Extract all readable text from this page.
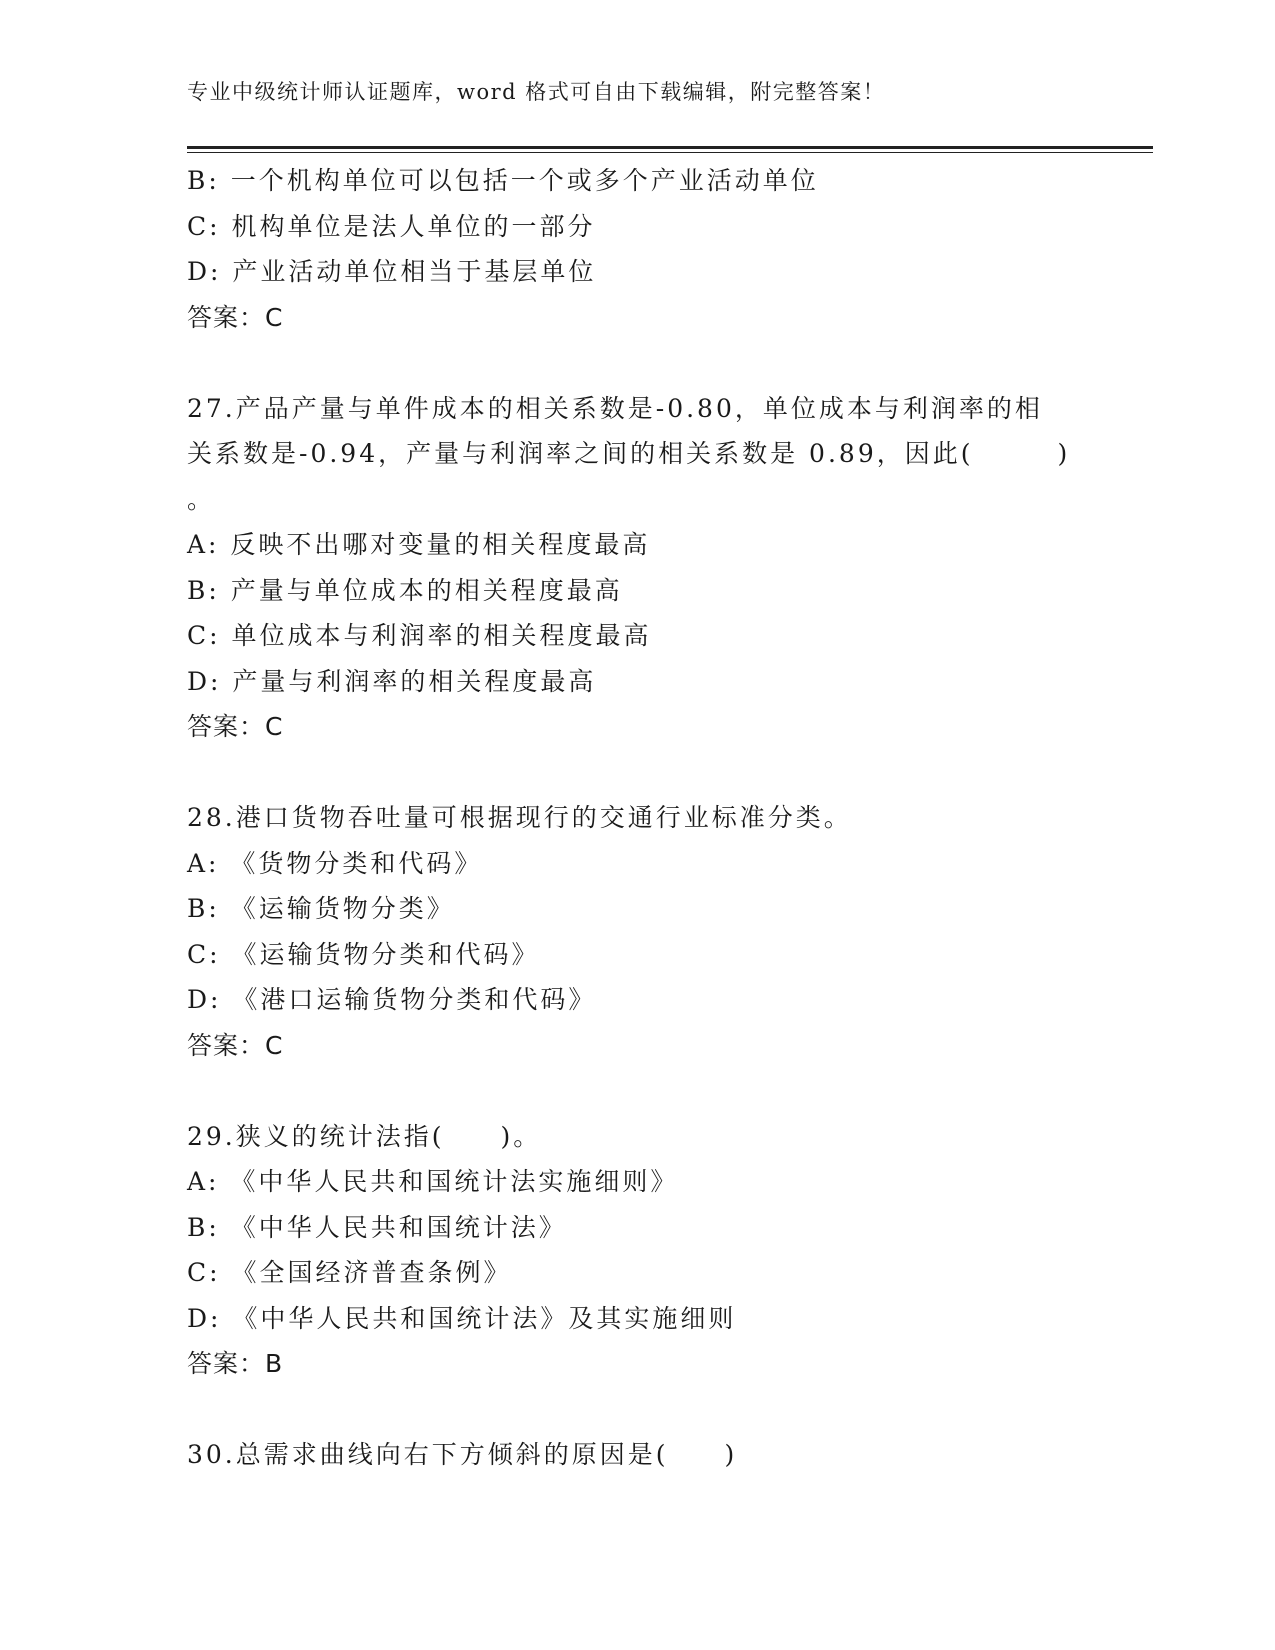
专业中级统计师认证题库，word 格式可自由下载编辑，附完整答案！
B: 一个机构单位可以包括一个或多个产业活动单位
C: 机构单位是法人单位的一部分
D: 产业活动单位相当于基层单位
答案：C
27.产品产量与单件成本的相关系数是-0.80，单位成本与利润率的相
关系数是-0.94，产量与利润率之间的相关系数是 0.89，因此(　　　)
。
A: 反映不出哪对变量的相关程度最高
B: 产量与单位成本的相关程度最高
C: 单位成本与利润率的相关程度最高
D: 产量与利润率的相关程度最高
答案：C
28.港口货物吞吐量可根据现行的交通行业标准分类。
A: 《货物分类和代码》
B: 《运输货物分类》
C: 《运输货物分类和代码》
D: 《港口运输货物分类和代码》
答案：C
29.狭义的统计法指(　　)。
A: 《中华人民共和国统计法实施细则》
B: 《中华人民共和国统计法》
C: 《全国经济普查条例》
D: 《中华人民共和国统计法》及其实施细则
答案：B
30.总需求曲线向右下方倾斜的原因是(　　)
